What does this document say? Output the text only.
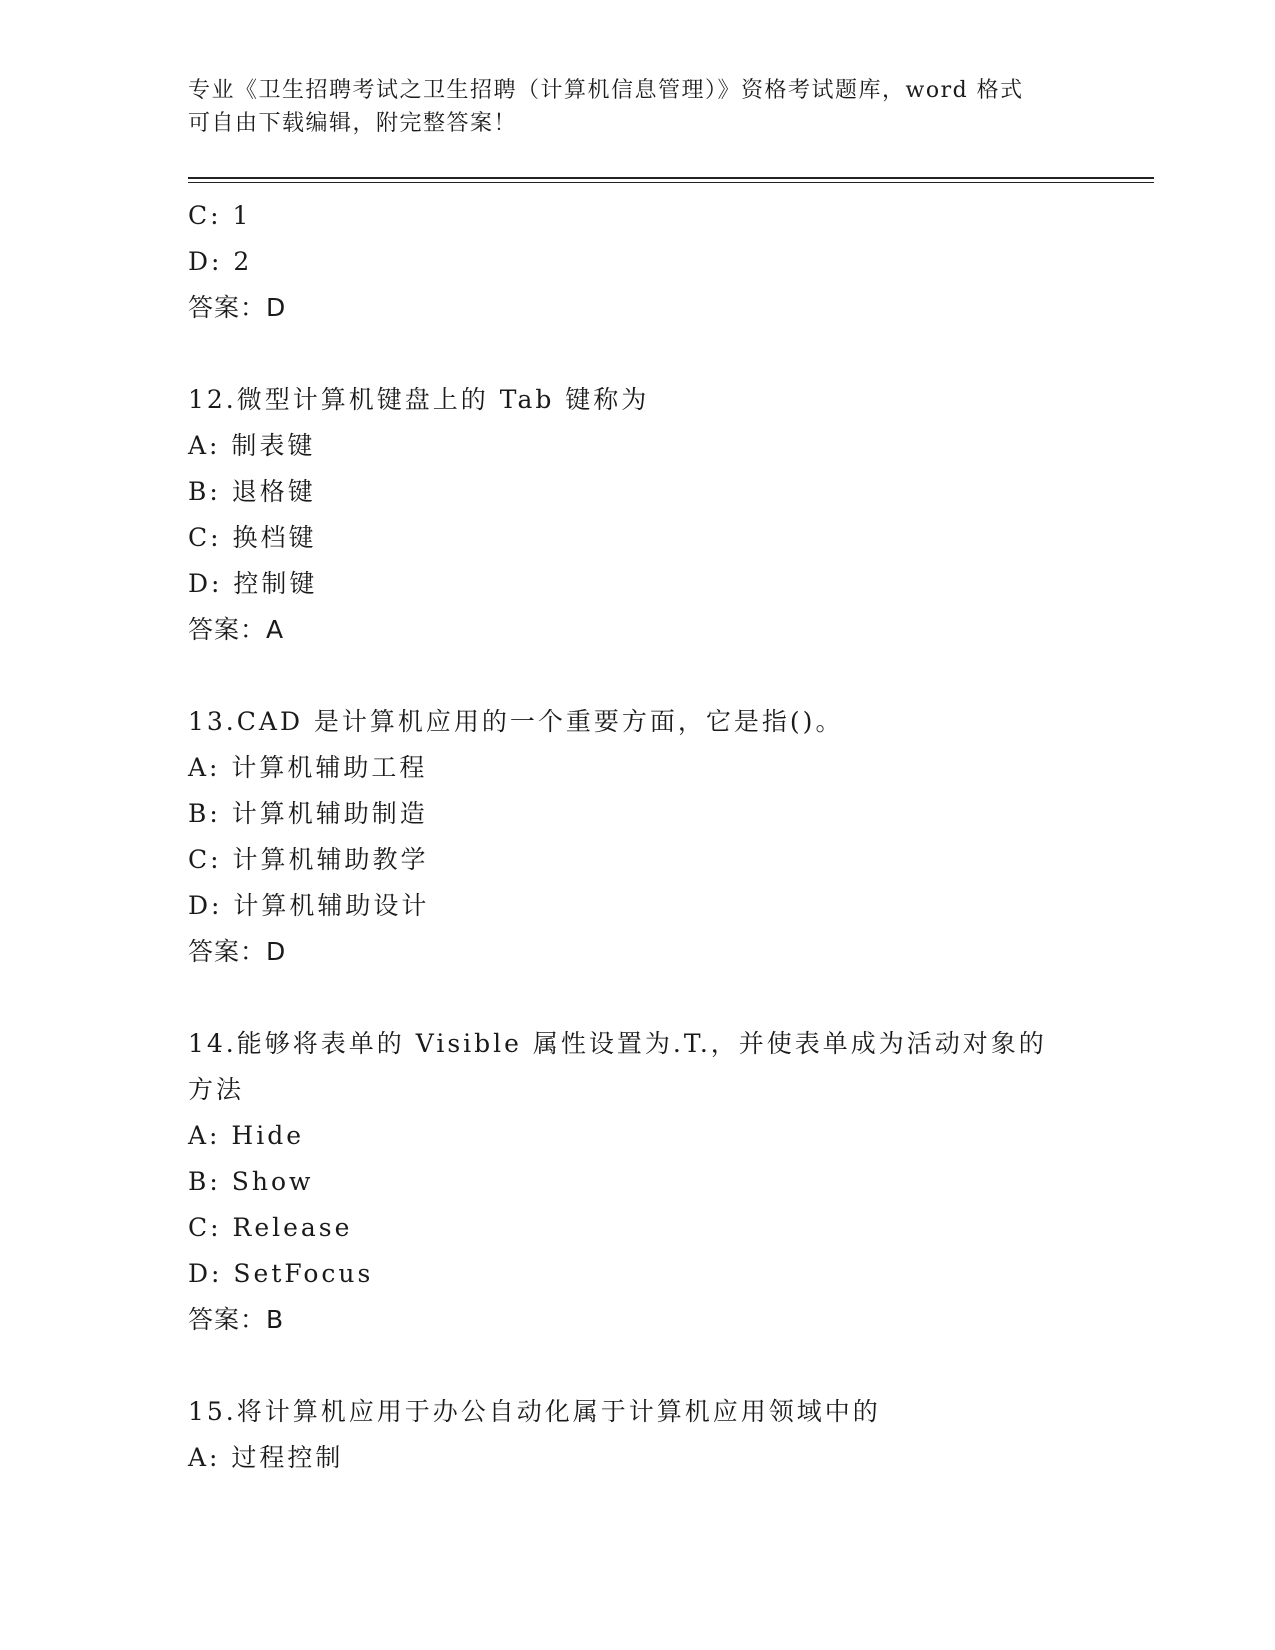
专业《卫生招聘考试之卫生招聘（计算机信息管理）》资格考试题库，word 格式
可自由下载编辑，附完整答案！
C: 1
D: 2
答案：D
12.微型计算机键盘上的 Tab 键称为
A: 制表键
B: 退格键
C: 换档键
D: 控制键
答案：A
13.CAD 是计算机应用的一个重要方面，它是指()。
A: 计算机辅助工程
B: 计算机辅助制造
C: 计算机辅助教学
D: 计算机辅助设计
答案：D
14.能够将表单的 Visible 属性设置为.T.，并使表单成为活动对象的
方法
A: Hide
B: Show
C: Release
D: SetFocus
答案：B
15.将计算机应用于办公自动化属于计算机应用领域中的
A: 过程控制
